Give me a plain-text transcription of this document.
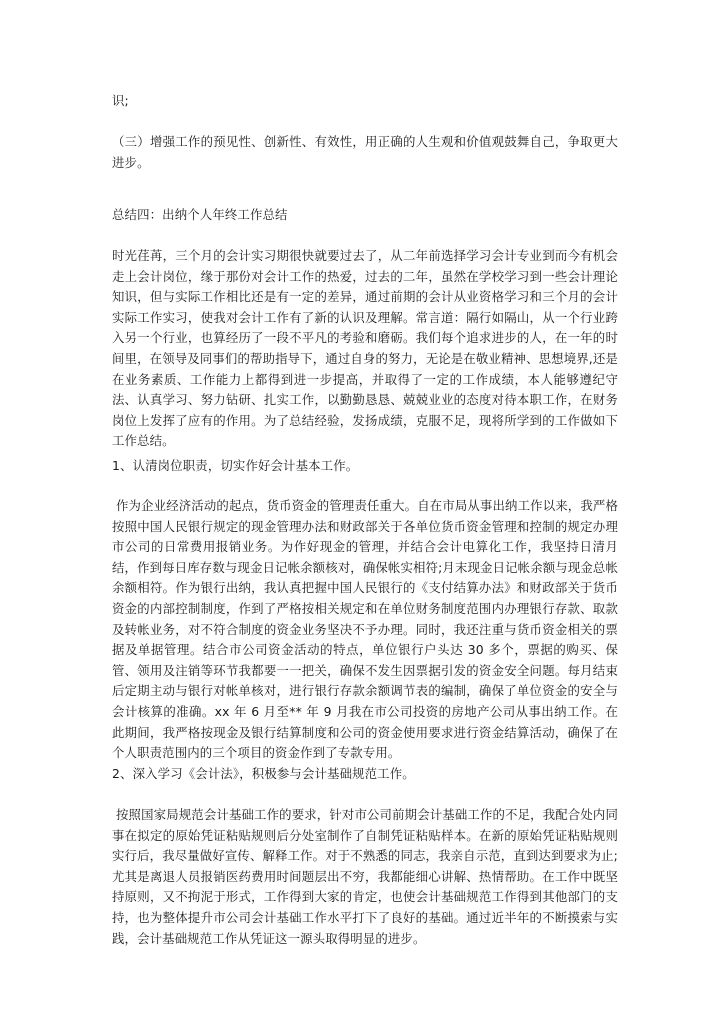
识;

（三）增强工作的预见性、创新性、有效性，用正确的人生观和价值观鼓舞自己，争取更大进步。

总结四：出纳个人年终工作总结

时光荏苒，三个月的会计实习期很快就要过去了，从二年前选择学习会计专业到而今有机会走上会计岗位，缘于那份对会计工作的热爱，过去的二年，虽然在学校学习到一些会计理论知识，但与实际工作相比还是有一定的差异，通过前期的会计从业资格学习和三个月的会计实际工作实习，使我对会计工作有了新的认识及理解。常言道：隔行如隔山，从一个行业跨入另一个行业，也算经历了一段不平凡的考验和磨砺。我们每个追求进步的人，在一年的时间里，在领导及同事们的帮助指导下，通过自身的努力，无论是在敬业精神、思想境界,还是在业务素质、工作能力上都得到进一步提高，并取得了一定的工作成绩，本人能够遵纪守法、认真学习、努力钻研、扎实工作，以勤勤恳恳、兢兢业业的态度对待本职工作，在财务岗位上发挥了应有的作用。为了总结经验，发扬成绩，克服不足，现将所学到的工作做如下工作总结。

1、认清岗位职责，切实作好会计基本工作。

作为企业经济活动的起点，货币资金的管理责任重大。自在市局从事出纳工作以来，我严格按照中国人民银行规定的现金管理办法和财政部关于各单位货币资金管理和控制的规定办理市公司的日常费用报销业务。为作好现金的管理，并结合会计电算化工作，我坚持日清月结，作到每日库存数与现金日记帐余额核对，确保帐实相符;月末现金日记帐余额与现金总帐余额相符。作为银行出纳，我认真把握中国人民银行的《支付结算办法》和财政部关于货币资金的内部控制制度，作到了严格按相关规定和在单位财务制度范围内办理银行存款、取款及转帐业务，对不符合制度的资金业务坚决不予办理。同时，我还注重与货币资金相关的票据及单据管理。结合市公司资金活动的特点，单位银行户头达 30 多个，票据的购买、保管、领用及注销等环节我都要一一把关，确保不发生因票据引发的资金安全问题。每月结束后定期主动与银行对帐单核对，进行银行存款余额调节表的编制，确保了单位资金的安全与会计核算的准确。xx 年 6 月至** 年 9 月我在市公司投资的房地产公司从事出纳工作。在此期间，我严格按现金及银行结算制度和公司的资金使用要求进行资金结算活动，确保了在个人职责范围内的三个项目的资金作到了专款专用。

2、深入学习《会计法》，积极参与会计基础规范工作。

按照国家局规范会计基础工作的要求，针对市公司前期会计基础工作的不足，我配合处内同事在拟定的原始凭证粘贴规则后分处室制作了自制凭证粘贴样本。在新的原始凭证粘贴规则实行后，我尽量做好宣传、解释工作。对于不熟悉的同志，我亲自示范，直到达到要求为止;尤其是离退人员报销医药费用时间题层出不穷，我都能细心讲解、热情帮助。在工作中既坚持原则，又不拘泥于形式，工作得到大家的肯定，也使会计基础规范工作得到其他部门的支持，也为整体提升市公司会计基础工作水平打下了良好的基础。通过近半年的不断摸索与实践，会计基础规范工作从凭证这一源头取得明显的进步。
